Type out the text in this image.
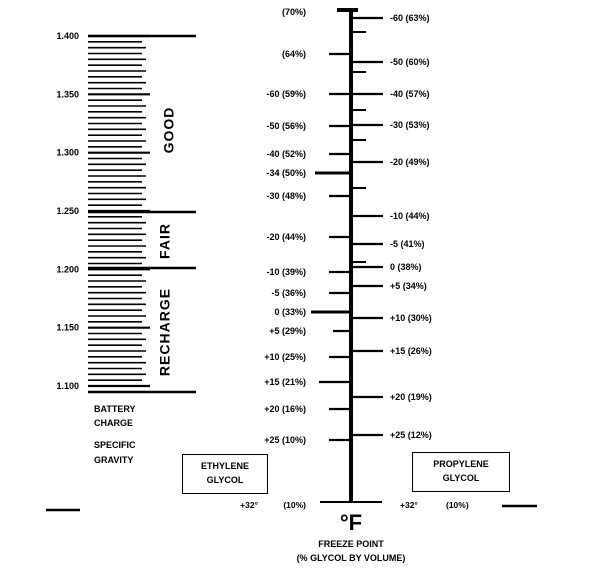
1.400
1.350
1.300
1.250
1.200
1.150
1.100
GOOD
FAIR
RECHARGE
BATTERY
CHARGE
SPECIFIC
GRAVITY
(70%)
(64%)
-60 (59%)
-50 (56%)
-40 (52%)
-34 (50%)
-30 (48%)
-20 (44%)
-10 (39%)
-5 (36%)
0 (33%)
+5 (29%)
+10 (25%)
+15 (21%)
+20 (16%)
+25 (10%)
-60 (63%)
-50 (60%)
-40 (57%)
-30 (53%)
-20 (49%)
-10 (44%)
-5 (41%)
0 (38%)
+5 (34%)
+10 (30%)
+15 (26%)
+20 (19%)
+25 (12%)
+32°	(10%)	+32°	(10%)
°F
FREEZE POINT
(% GLYCOL BY VOLUME)
ETHYLENE
GLYCOL
PROPYLENE
GLYCOL
